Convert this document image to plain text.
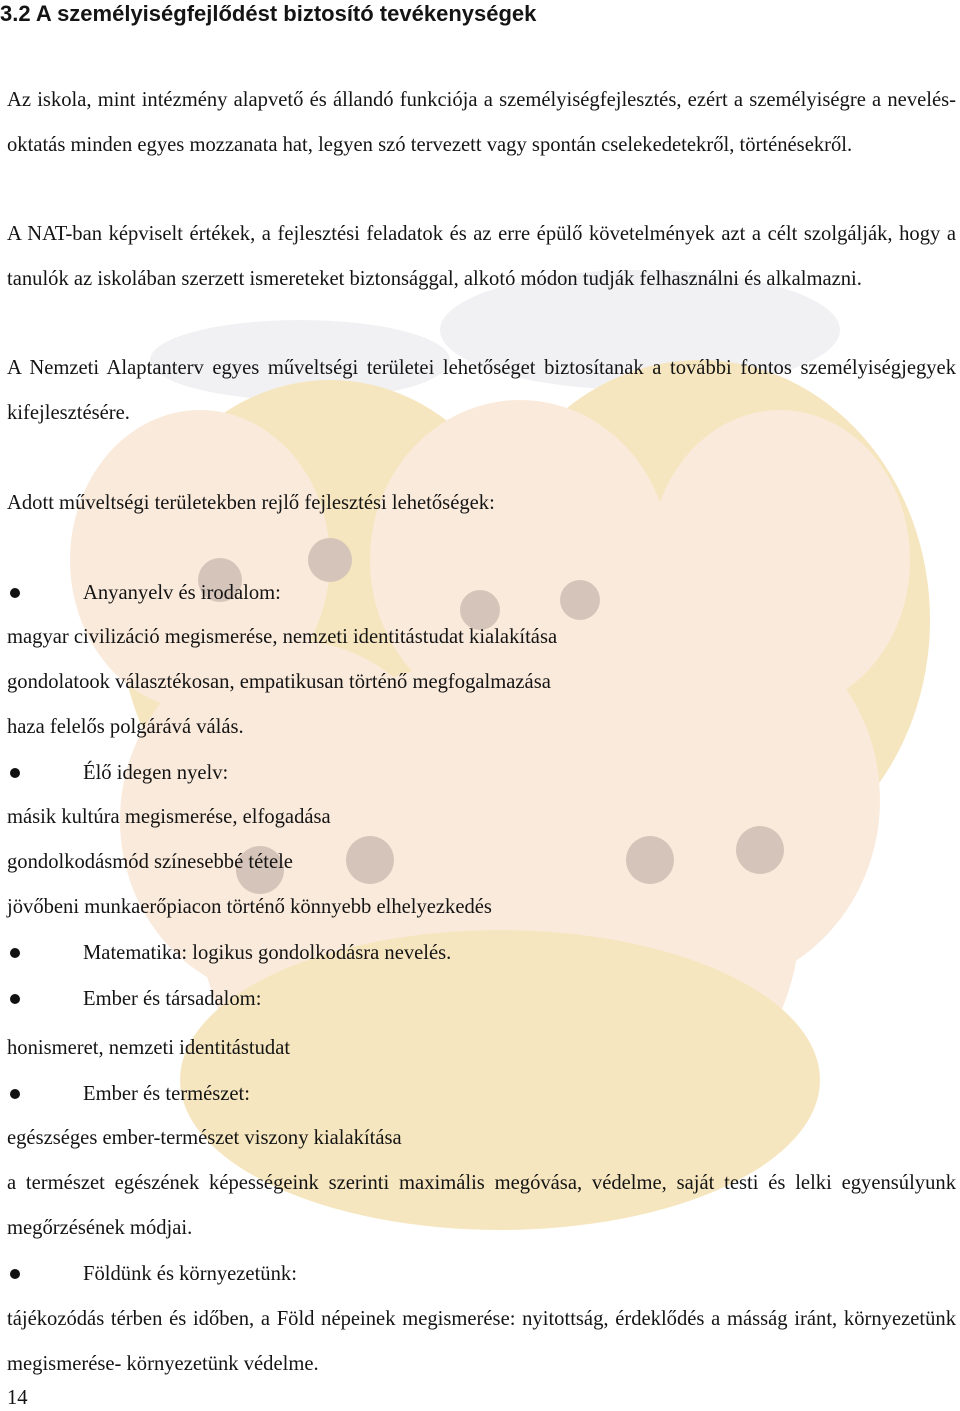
3.2 A személyiségfejlődést biztosító tevékenységek
Az iskola, mint intézmény alapvető és állandó funkciója a személyiségfejlesztés, ezért a személyiségre a nevelés-oktatás minden egyes mozzanata hat, legyen szó tervezett vagy spontán cselekedetekről, történésekről.
A NAT-ban képviselt értékek, a fejlesztési feladatok és az erre épülő követelmények azt a célt szolgálják, hogy a tanulók az iskolában szerzett ismereteket biztonsággal, alkotó módon tudják felhasználni és alkalmazni.
A Nemzeti Alaptanterv egyes műveltségi területei lehetőséget biztosítanak a további fontos személyiségjegyek kifejlesztésére.
Adott műveltségi területekben rejlő fejlesztési lehetőségek:
Anyanyelv és irodalom:
magyar civilizáció megismerése, nemzeti identitástudat kialakítása
gondolatook választékosan, empatikusan történő megfogalmazása
haza felelős polgárává válás.
Élő idegen nyelv:
másik kultúra megismerése, elfogadása
gondolkodásmód színesebbé tétele
jövőbeni munkaerőpiacon történő könnyebb elhelyezkedés
Matematika: logikus gondolkodásra nevelés.
Ember és társadalom:
honismeret, nemzeti identitástudat
Ember és természet:
egészséges ember-természet viszony kialakítása
a természet egészének képességeink szerinti maximális megóvása, védelme, saját testi és lelki egyensúlyunk megőrzésének módjai.
Földünk és környezetünk:
tájékozódás térben és időben, a Föld népeinek megismerése: nyitottság, érdeklődés a másság iránt, környezetünk megismerése- környezetünk védelme.
14
